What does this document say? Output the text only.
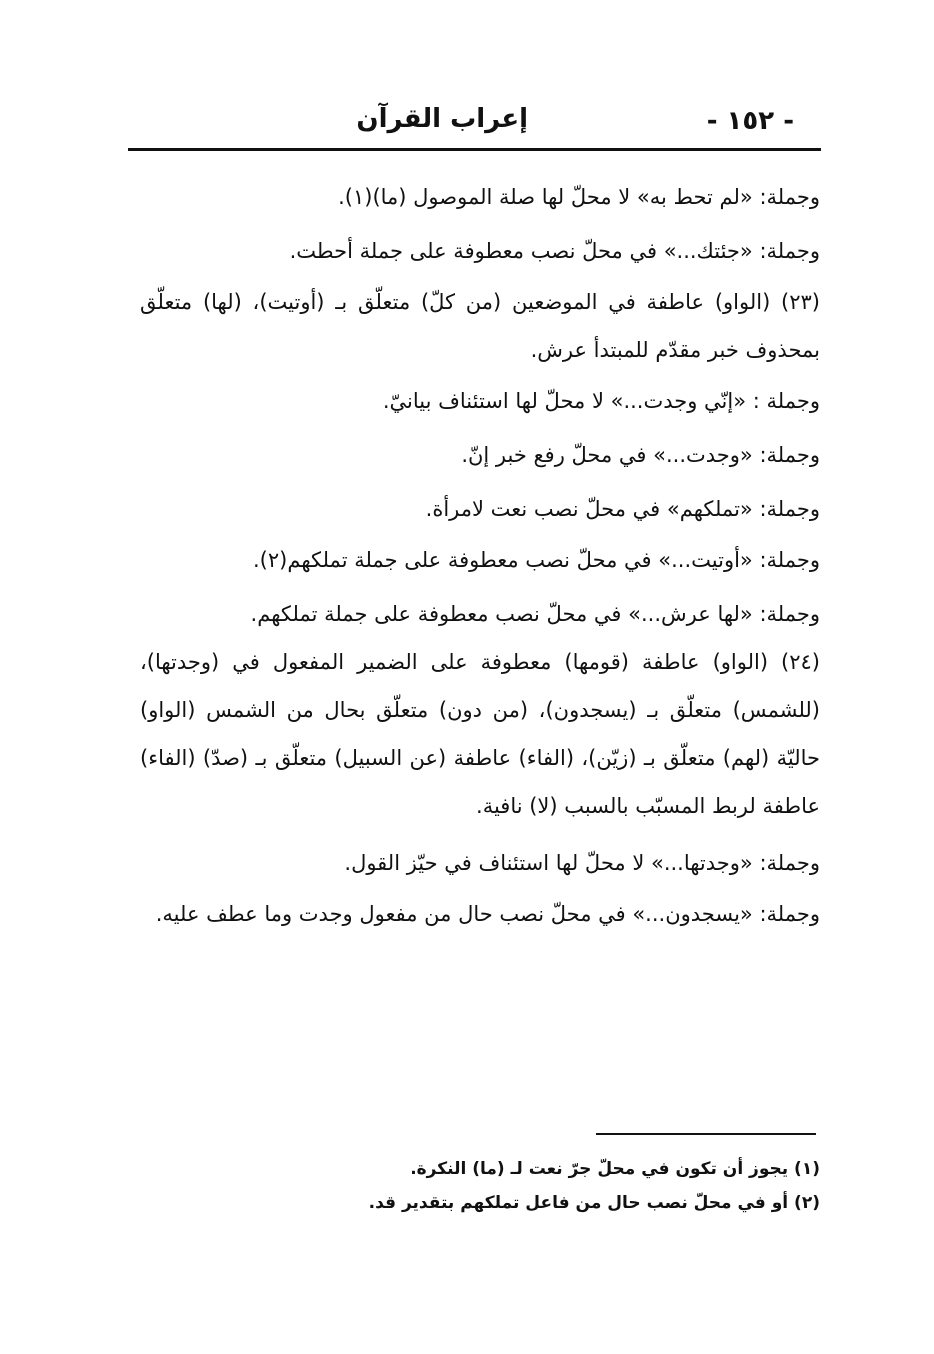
- ١٥٢ -
إعراب القرآن

وجملة: «لم تحط به» لا محلّ لها صلة الموصول (ما)(١).

وجملة: «جئتك...» في محلّ نصب معطوفة على جملة أحطت.

(٢٣) (الواو) عاطفة في الموضعين (من كلّ) متعلّق بـ (أوتيت)، (لها) متعلّق بمحذوف خبر مقدّم للمبتدأ عرش.

وجملة : «إنّي وجدت...» لا محلّ لها استئناف بيانيّ.

وجملة: «وجدت...» في محلّ رفع خبر إنّ.

وجملة: «تملكهم» في محلّ نصب نعت لامرأة.

وجملة: «أوتيت...» في محلّ نصب معطوفة على جملة تملكهم(٢).

وجملة: «لها عرش...» في محلّ نصب معطوفة على جملة تملكهم.

(٢٤) (الواو) عاطفة (قومها) معطوفة على الضمير المفعول في (وجدتها)، (للشمس) متعلّق بـ (يسجدون)، (من دون) متعلّق بحال من الشمس (الواو) حاليّة (لهم) متعلّق بـ (زيّن)، (الفاء) عاطفة (عن السبيل) متعلّق بـ (صدّ) (الفاء) عاطفة لربط المسبّب بالسبب (لا) نافية.

وجملة: «وجدتها...» لا محلّ لها استئناف في حيّز القول.

وجملة: «يسجدون...» في محلّ نصب حال من مفعول وجدت وما عطف عليه.

(١) يجوز أن تكون في محلّ جرّ نعت لـ (ما) النكرة.

(٢) أو في محلّ نصب حال من فاعل تملكهم بتقدير قد.
